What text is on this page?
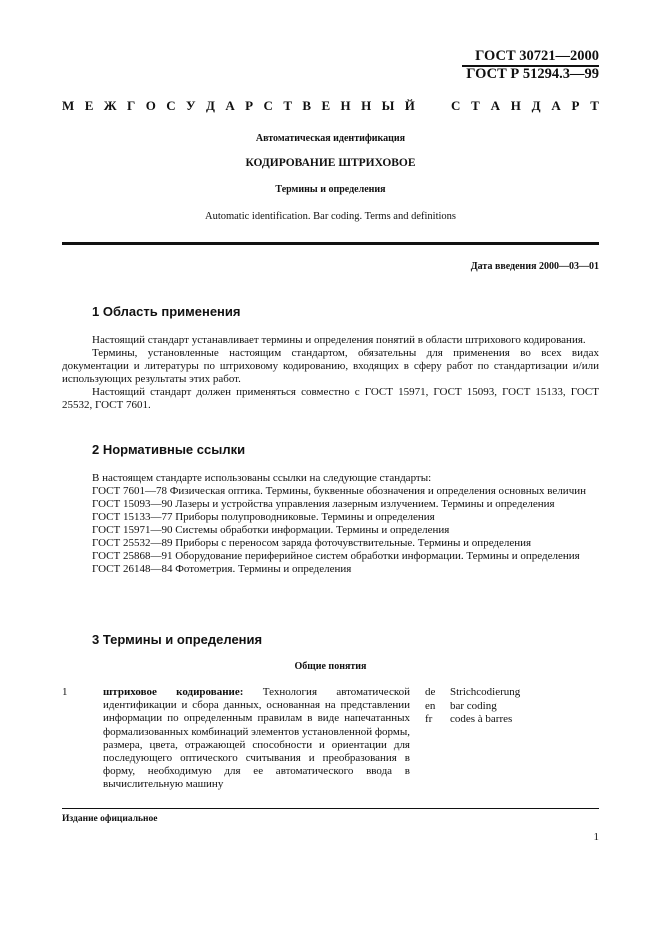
ГОСТ 30721—2000
ГОСТ Р 51294.3—99
М Е Ж Г О С У Д А Р С Т В Е Н Н Ы Й	С Т А Н Д А Р Т
Автоматическая идентификация
КОДИРОВАНИЕ ШТРИХОВОЕ
Термины и определения
Automatic identification. Bar coding. Terms and definitions
Дата введения 2000—03—01
1 Область применения

Настоящий стандарт устанавливает термины и определения понятий в области штрихового кодирования.

Термины, установленные настоящим стандартом, обязательны для применения во всех видах документации и литературы по штриховому кодированию, входящих в сферу работ по стандартизации и/или использующих результаты этих работ.

Настоящий стандарт должен применяться совместно с ГОСТ 15971, ГОСТ 15093, ГОСТ 15133, ГОСТ 25532, ГОСТ 7601.

2 Нормативные ссылки

В настоящем стандарте использованы ссылки на следующие стандарты:

ГОСТ 7601—78 Физическая оптика. Термины, буквенные обозначения и определения основных величин

ГОСТ 15093—90 Лазеры и устройства управления лазерным излучением. Термины и определения

ГОСТ 15133—77 Приборы полупроводниковые. Термины и определения

ГОСТ 15971—90 Системы обработки информации. Термины и определения

ГОСТ 25532—89 Приборы с переносом заряда фоточувствительные. Термины и определения

ГОСТ 25868—91 Оборудование периферийное систем обработки информации. Термины и определения

ГОСТ 26148—84 Фотометрия. Термины и определения

3 Термины и определения
Общие понятия
1	штриховое кодирование: Технология автоматической идентификации и сбора данных, основанная на представлении информации по определенным правилам в виде напечатанных формализованных комбинаций элементов установленной формы, размера, цвета, отражающей способности и ориентации для последующего оптического считывания и преобразования в форму, необходимую для ее автоматического ввода в вычислительную машину
de	Strichcodierung
en	bar coding
fr	codes à barres
Издание официальное
1
